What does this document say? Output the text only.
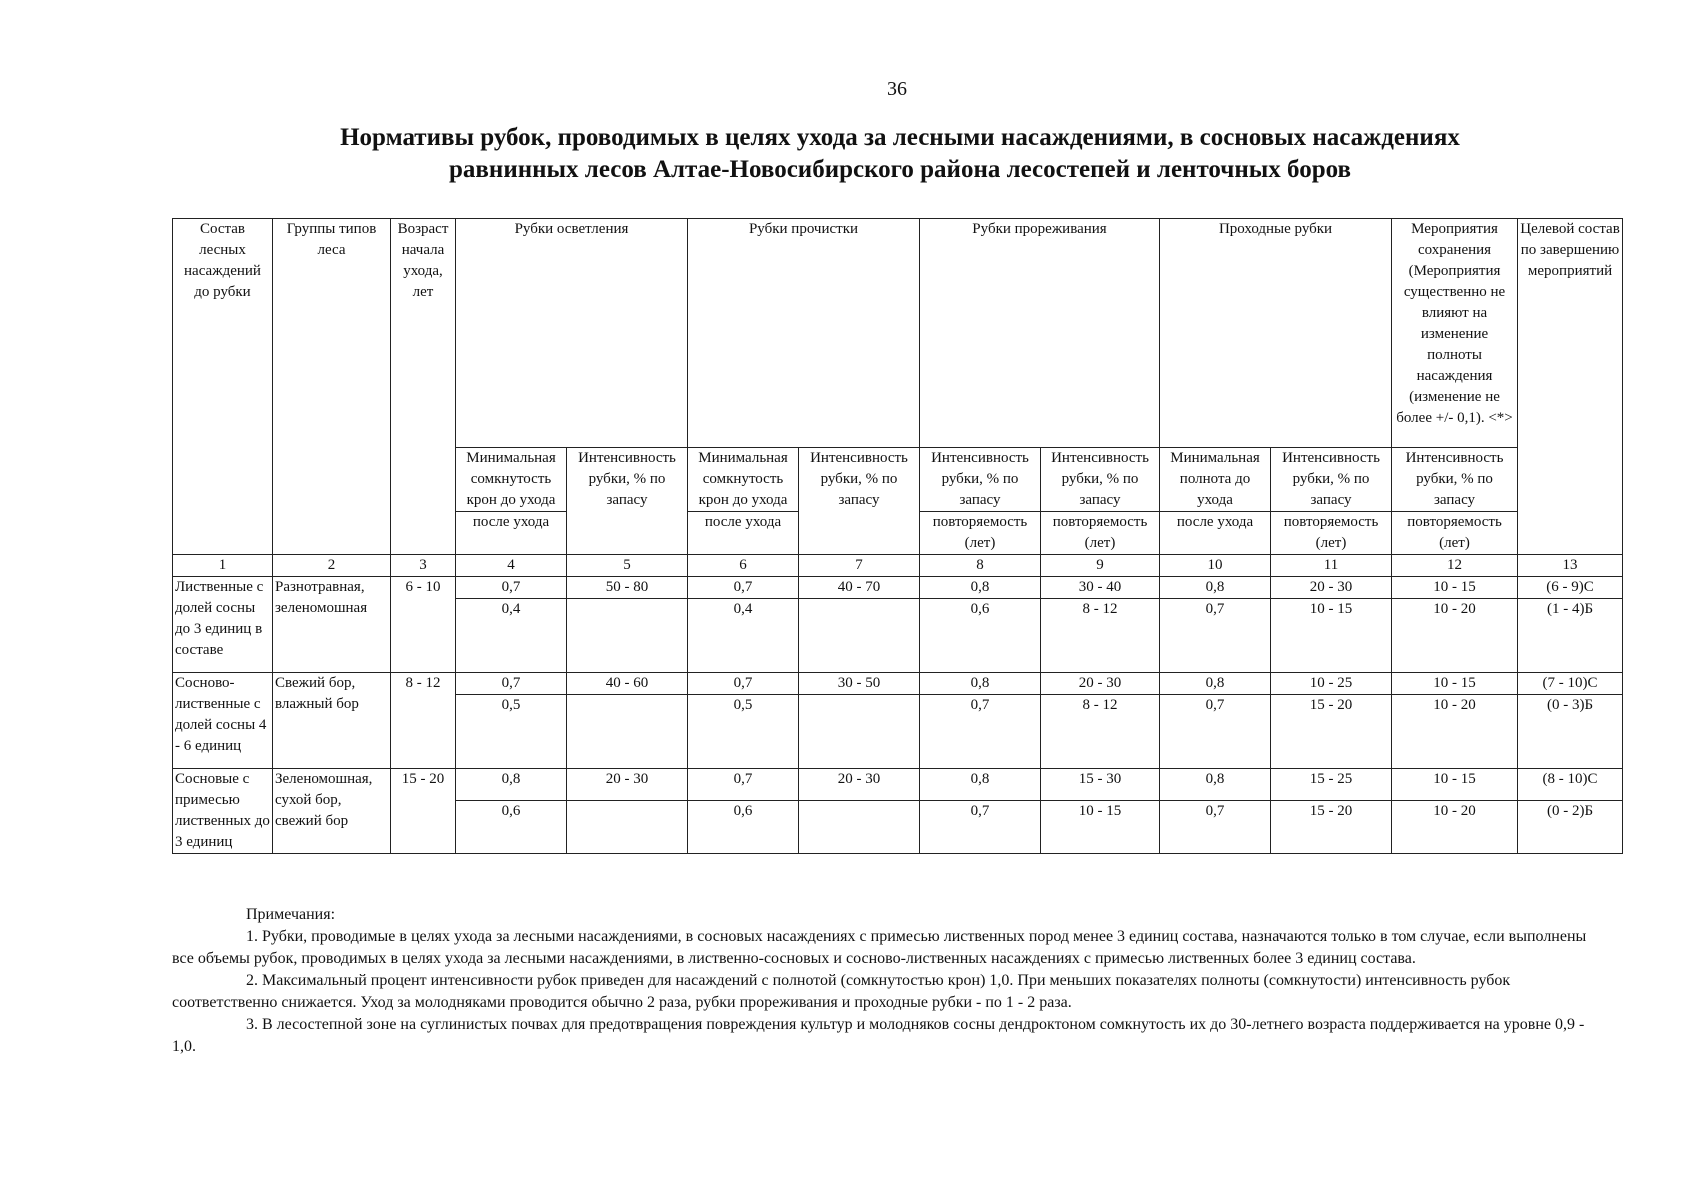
36
Нормативы рубок, проводимых в целях ухода за лесными насаждениями, в сосновых насаждениях
равнинных лесов Алтае-Новосибирского района лесостепей и ленточных боров
Состав лесных насаждений до рубки	Группы типов леса	Возраст начала ухода, лет	Рубки осветления		Рубки прочистки		Рубки прореживания		Проходные рубки		Мероприятия сохранения (Мероприятия существенно не влияют на изменение полноты насаждения (изменение не более +/- 0,1). <*>	Целевой состав по завершению мероприятий
			Минимальная сомкнутость крон до ухода	Интенсивность рубки, % по запасу	Минимальная сомкнутость крон до ухода	Интенсивность рубки, % по запасу	Интенсивность рубки, % по запасу	Интенсивность рубки, % по запасу	Минимальная полнота до ухода	Интенсивность рубки, % по запасу	Интенсивность рубки, % по запасу	
			после ухода		после ухода		повторяемость (лет)	повторяемость (лет)	после ухода	повторяемость (лет)	повторяемость (лет)	
1	2	3	4	5	6	7	8	9	10	11	12	13
Лиственные с долей сосны до 3 единиц в составе	Разнотравная, зеленомошная	6 - 10	0,7	50 - 80	0,7	40 - 70	0,8	30 - 40	0,8	20 - 30	10 - 15	(6 - 9)С
			0,4		0,4		0,6	8 - 12	0,7	10 - 15	10 - 20	(1 - 4)Б
Сосново-лиственные с долей сосны 4 - 6 единиц	Свежий бор, влажный бор	8 - 12	0,7	40 - 60	0,7	30 - 50	0,8	20 - 30	0,8	10 - 25	10 - 15	(7 - 10)С
			0,5		0,5		0,7	8 - 12	0,7	15 - 20	10 - 20	(0 - 3)Б
Сосновые с примесью лиственных до 3 единиц	Зеленомошная, сухой бор, свежий бор	15 - 20	0,8	20 - 30	0,7	20 - 30	0,8	15 - 30	0,8	15 - 25	10 - 15	(8 - 10)С
			0,6		0,6		0,7	10 - 15	0,7	15 - 20	10 - 20	(0 - 2)Б

Примечания:

1. Рубки, проводимые в целях ухода за лесными насаждениями, в сосновых насаждениях с примесью лиственных пород менее 3 единиц состава, назначаются только в том случае, если выполнены все объемы рубок, проводимых в целях ухода за лесными насаждениями, в лиственно-сосновых и сосново-лиственных насаждениях с примесью лиственных более 3 единиц состава.

2. Максимальный процент интенсивности рубок приведен для насаждений с полнотой (сомкнутостью крон) 1,0. При меньших показателях полноты (сомкнутости) интенсивность рубок соответственно снижается. Уход за молодняками проводится обычно 2 раза, рубки прореживания и проходные рубки - по 1 - 2 раза.

3. В лесостепной зоне на суглинистых почвах для предотвращения повреждения культур и молодняков сосны дендроктоном сомкнутость их до 30-летнего возраста поддерживается на уровне 0,9 - 1,0.
